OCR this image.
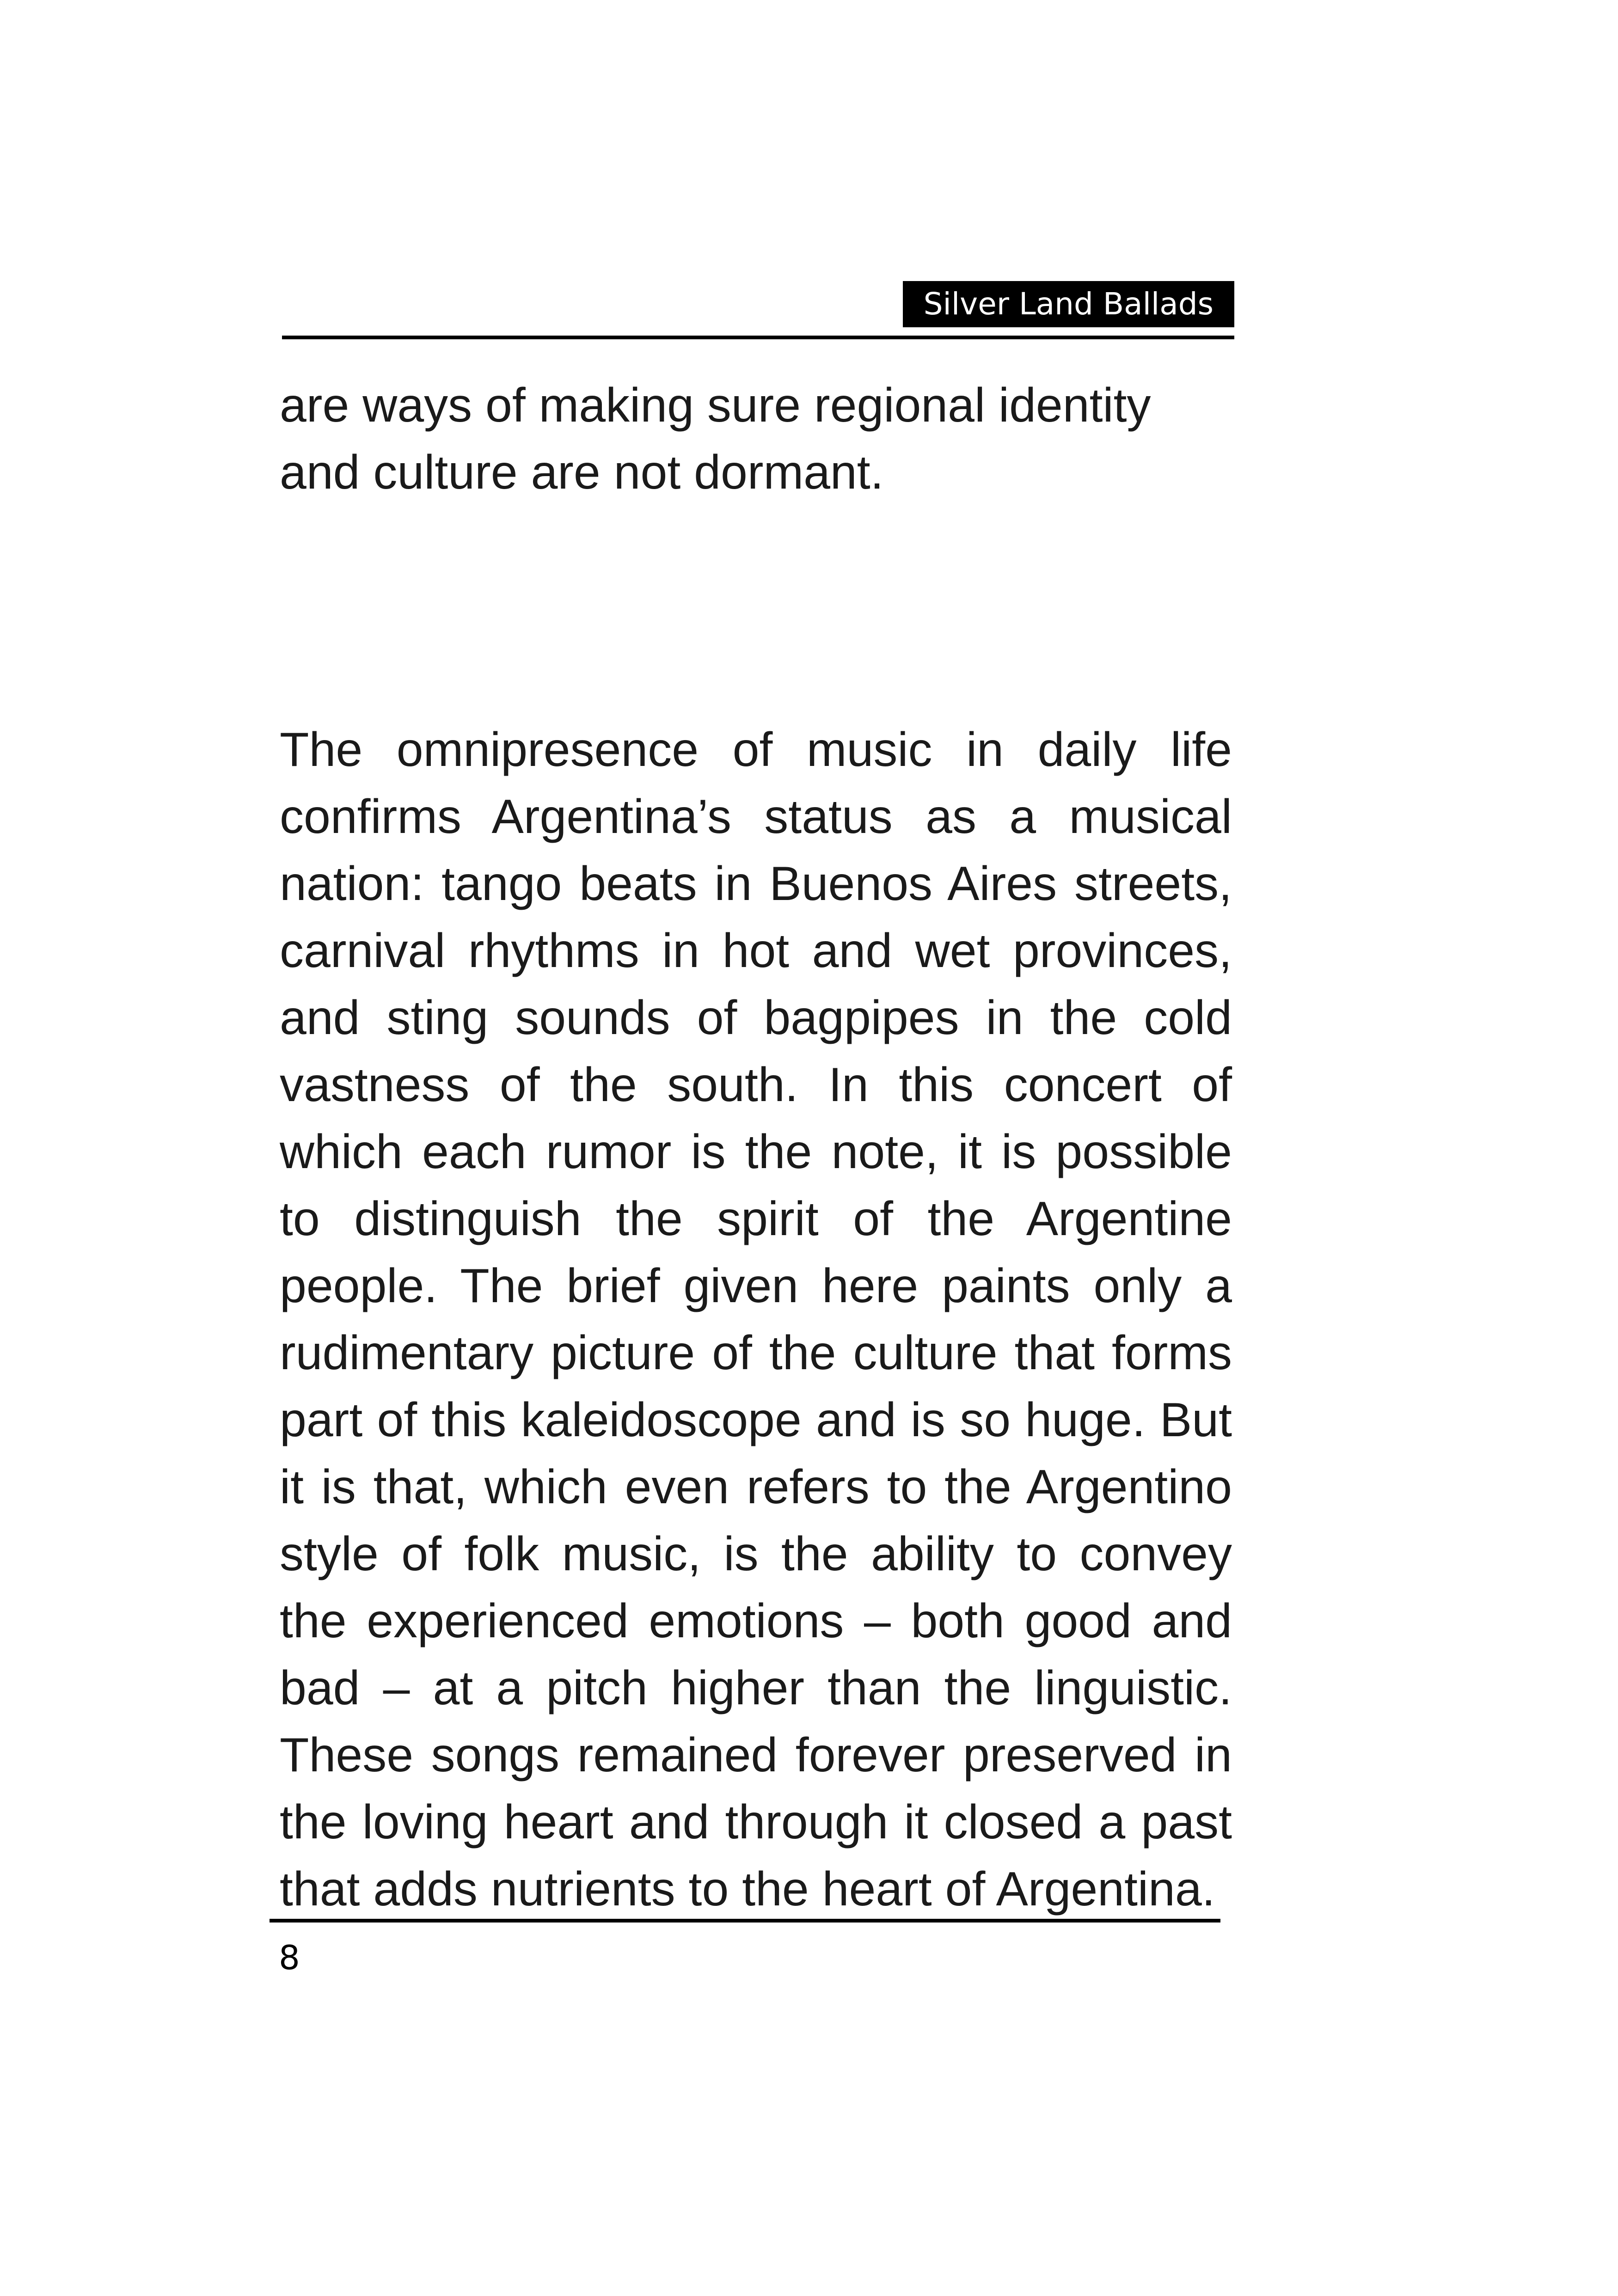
Silver Land Ballads

are ways of making sure regional identity and culture are not dormant.

The omnipresence of music in daily life confirms Argentina’s status as a musical nation: tango beats in Buenos Aires streets, carnival rhythms in hot and wet provinces, and sting sounds of bagpipes in the cold vastness of the south. In this concert of which each rumor is the note, it is possible to distinguish the spirit of the Argentine people. The brief given here paints only a rudimentary picture of the culture that forms part of this kaleidoscope and is so huge. But it is that, which even refers to the Argentino style of folk music, is the ability to convey the experienced emotions – both good and bad – at a pitch higher than the linguistic. These songs remained forever preserved in the loving heart and through it closed a past that adds nutrients to the heart of Argentina.

8
